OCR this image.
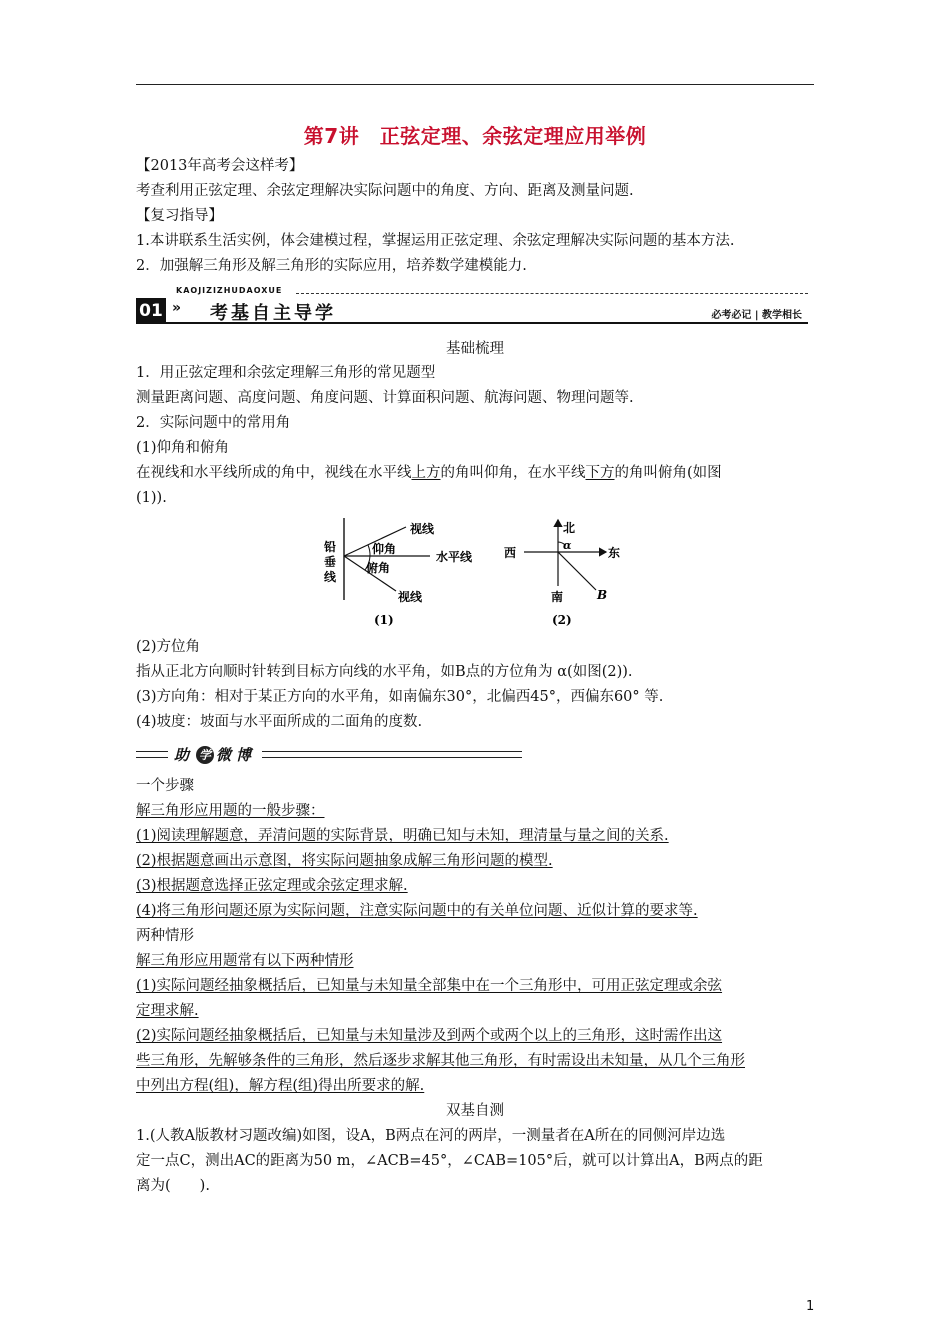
第7讲　正弦定理、余弦定理应用举例
【2013年高考会这样考】
考查利用正弦定理、余弦定理解决实际问题中的角度、方向、距离及测量问题.
【复习指导】
1.本讲联系生活实例，体会建模过程，掌握运用正弦定理、余弦定理解决实际问题的基本方法.
2．加强解三角形及解三角形的实际应用，培养数学建模能力.
KAOJIZIZHUDAOXUE
01 » 考基自主导学	必考必记 | 教学相长
基础梳理
1．用正弦定理和余弦定理解三角形的常见题型
测量距离问题、高度问题、角度问题、计算面积问题、航海问题、物理问题等.
2．实际问题中的常用角
(1)仰角和俯角
在视线和水平线所成的角中，视线在水平线上方的角叫仰角，在水平线下方的角叫俯角(如图
(1)).
铅
垂
线
视线
仰角
水平线
俯角
视线
(1)
北
西	东
α
南	B
(2)
(2)方位角
指从正北方向顺时针转到目标方向线的水平角，如B点的方位角为 α(如图(2)).
(3)方向角：相对于某正方向的水平角，如南偏东30°，北偏西45°，西偏东60° 等.
(4)坡度：坡面与水平面所成的二面角的度数.
助 学 微博
一个步骤
解三角形应用题的一般步骤：
(1)阅读理解题意，弄清问题的实际背景，明确已知与未知，理清量与量之间的关系.
(2)根据题意画出示意图，将实际问题抽象成解三角形问题的模型.
(3)根据题意选择正弦定理或余弦定理求解.
(4)将三角形问题还原为实际问题，注意实际问题中的有关单位问题、近似计算的要求等.
两种情形
解三角形应用题常有以下两种情形
(1)实际问题经抽象概括后，已知量与未知量全部集中在一个三角形中，可用正弦定理或余弦
定理求解.
(2)实际问题经抽象概括后，已知量与未知量涉及到两个或两个以上的三角形，这时需作出这
些三角形，先解够条件的三角形，然后逐步求解其他三角形，有时需设出未知量，从几个三角形
中列出方程(组)，解方程(组)得出所要求的解.
双基自测
1.(人教A版教材习题改编)如图，设A，B两点在河的两岸，一测量者在A所在的同侧河岸边选
定一点C，测出AC的距离为50 m，∠ACB=45°，∠CAB=105°后，就可以计算出A，B两点的距
离为(　　).
1
